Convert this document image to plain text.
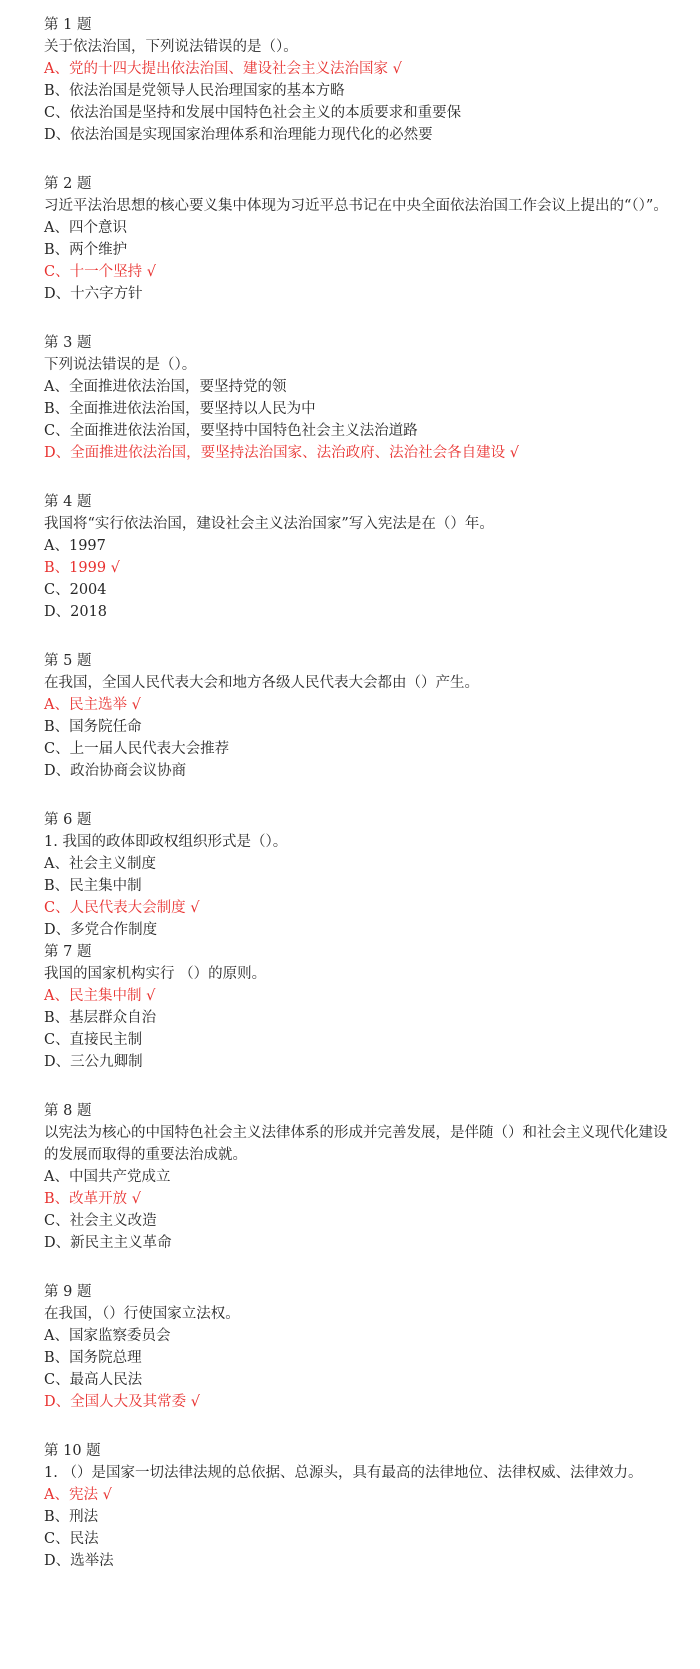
第 1 题

关于依法治国，下列说法错误的是（）。

A、党的十四大提出依法治国、建设社会主义法治国家 √

B、依法治国是党领导人民治理国家的基本方略

C、依法治国是坚持和发展中国特色社会主义的本质要求和重要保

D、依法治国是实现国家治理体系和治理能力现代化的必然要

第 2 题

习近平法治思想的核心要义集中体现为习近平总书记在中央全面依法治国工作会议上提出的“（）”。

A、四个意识

B、两个维护

C、十一个坚持 √

D、十六字方针

第 3 题

下列说法错误的是（）。

A、全面推进依法治国，要坚持党的领

B、全面推进依法治国，要坚持以人民为中

C、全面推进依法治国，要坚持中国特色社会主义法治道路

D、全面推进依法治国，要坚持法治国家、法治政府、法治社会各自建设 √

第 4 题

我国将“实行依法治国，建设社会主义法治国家”写入宪法是在（）年。

A、1997

B、1999 √

C、2004

D、2018

第 5 题

在我国，全国人民代表大会和地方各级人民代表大会都由（）产生。

A、民主选举 √

B、国务院任命

C、上一届人民代表大会推荐

D、政治协商会议协商

第 6 题

1. 我国的政体即政权组织形式是（）。

A、社会主义制度

B、民主集中制

C、人民代表大会制度 √

D、多党合作制度

第 7 题

我国的国家机构实行 （）的原则。

A、民主集中制 √

B、基层群众自治

C、直接民主制

D、三公九卿制

第 8 题

以宪法为核心的中国特色社会主义法律体系的形成并完善发展，是伴随（）和社会主义现代化建设的发展而取得的重要法治成就。

A、中国共产党成立

B、改革开放 √

C、社会主义改造

D、新民主主义革命

第 9 题

在我国，（）行使国家立法权。

A、国家监察委员会

B、国务院总理

C、最高人民法

D、全国人大及其常委 √

第 10 题

1. （）是国家一切法律法规的总依据、总源头，具有最高的法律地位、法律权威、法律效力。

A、宪法 √

B、刑法

C、民法

D、选举法
